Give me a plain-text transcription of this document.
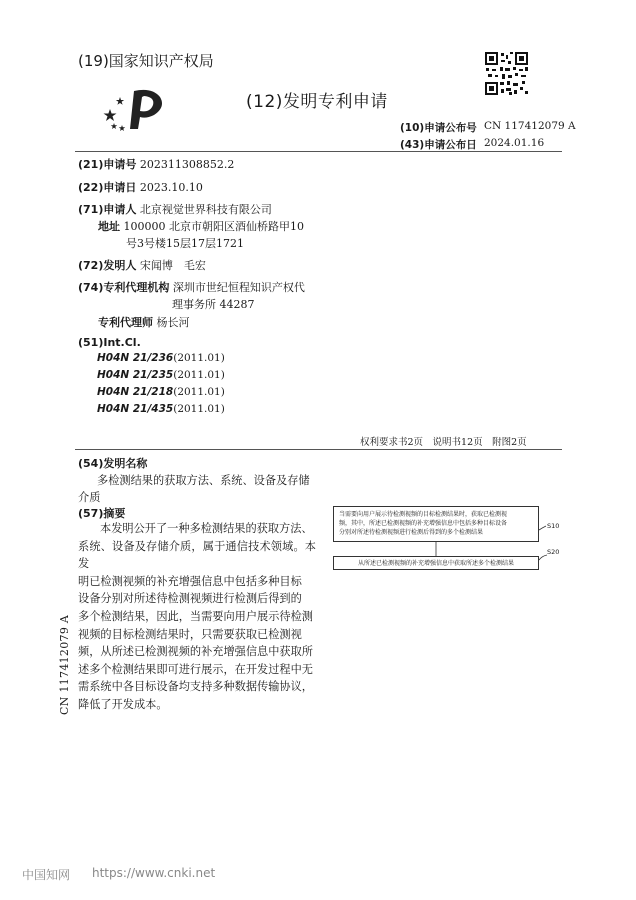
(19)国家知识产权局
(12)发明专利申请
(10)申请公布号 CN 117412079 A
(43)申请公布日 2024.01.16
(21)申请号 202311308852.2
(22)申请日 2023.10.10
(71)申请人 北京视觉世界科技有限公司
地址 100000 北京市朝阳区酒仙桥路甲10
号3号楼15层17层1721
(72)发明人 宋闻博　毛宏
(74)专利代理机构 深圳市世纪恒程知识产权代
理事务所 44287
专利代理师 杨长河
(51)Int.Cl.
H04N 21/236(2011.01)
H04N 21/235(2011.01)
H04N 21/218(2011.01)
H04N 21/435(2011.01)
权利要求书2页　说明书12页　附图2页
(54)发明名称
多检测结果的获取方法、系统、设备及存储
介质
(57)摘要
本发明公开了一种多检测结果的获取方法、
系统、设备及存储介质，属于通信技术领域。本发
明已检测视频的补充增强信息中包括多种目标
设备分别对所述待检测视频进行检测后得到的
多个检测结果，因此，当需要向用户展示待检测
视频的目标检测结果时，只需要获取已检测视
频，从所述已检测视频的补充增强信息中获取所
述多个检测结果即可进行展示，在开发过程中无
需系统中各目标设备均支持多种数据传输协议，
降低了开发成本。
当需要向用户展示待检测视频的目标检测结果时，获取已检测视
频，其中，所述已检测视频的补充增强信息中包括多种目标设备
分别对所述待检测视频进行检测后得到的多个检测结果
S10
从所述已检测视频的补充增强信息中获取所述多个检测结果
S20
CN 117412079 A
中国知网 https://www.cnki.net
